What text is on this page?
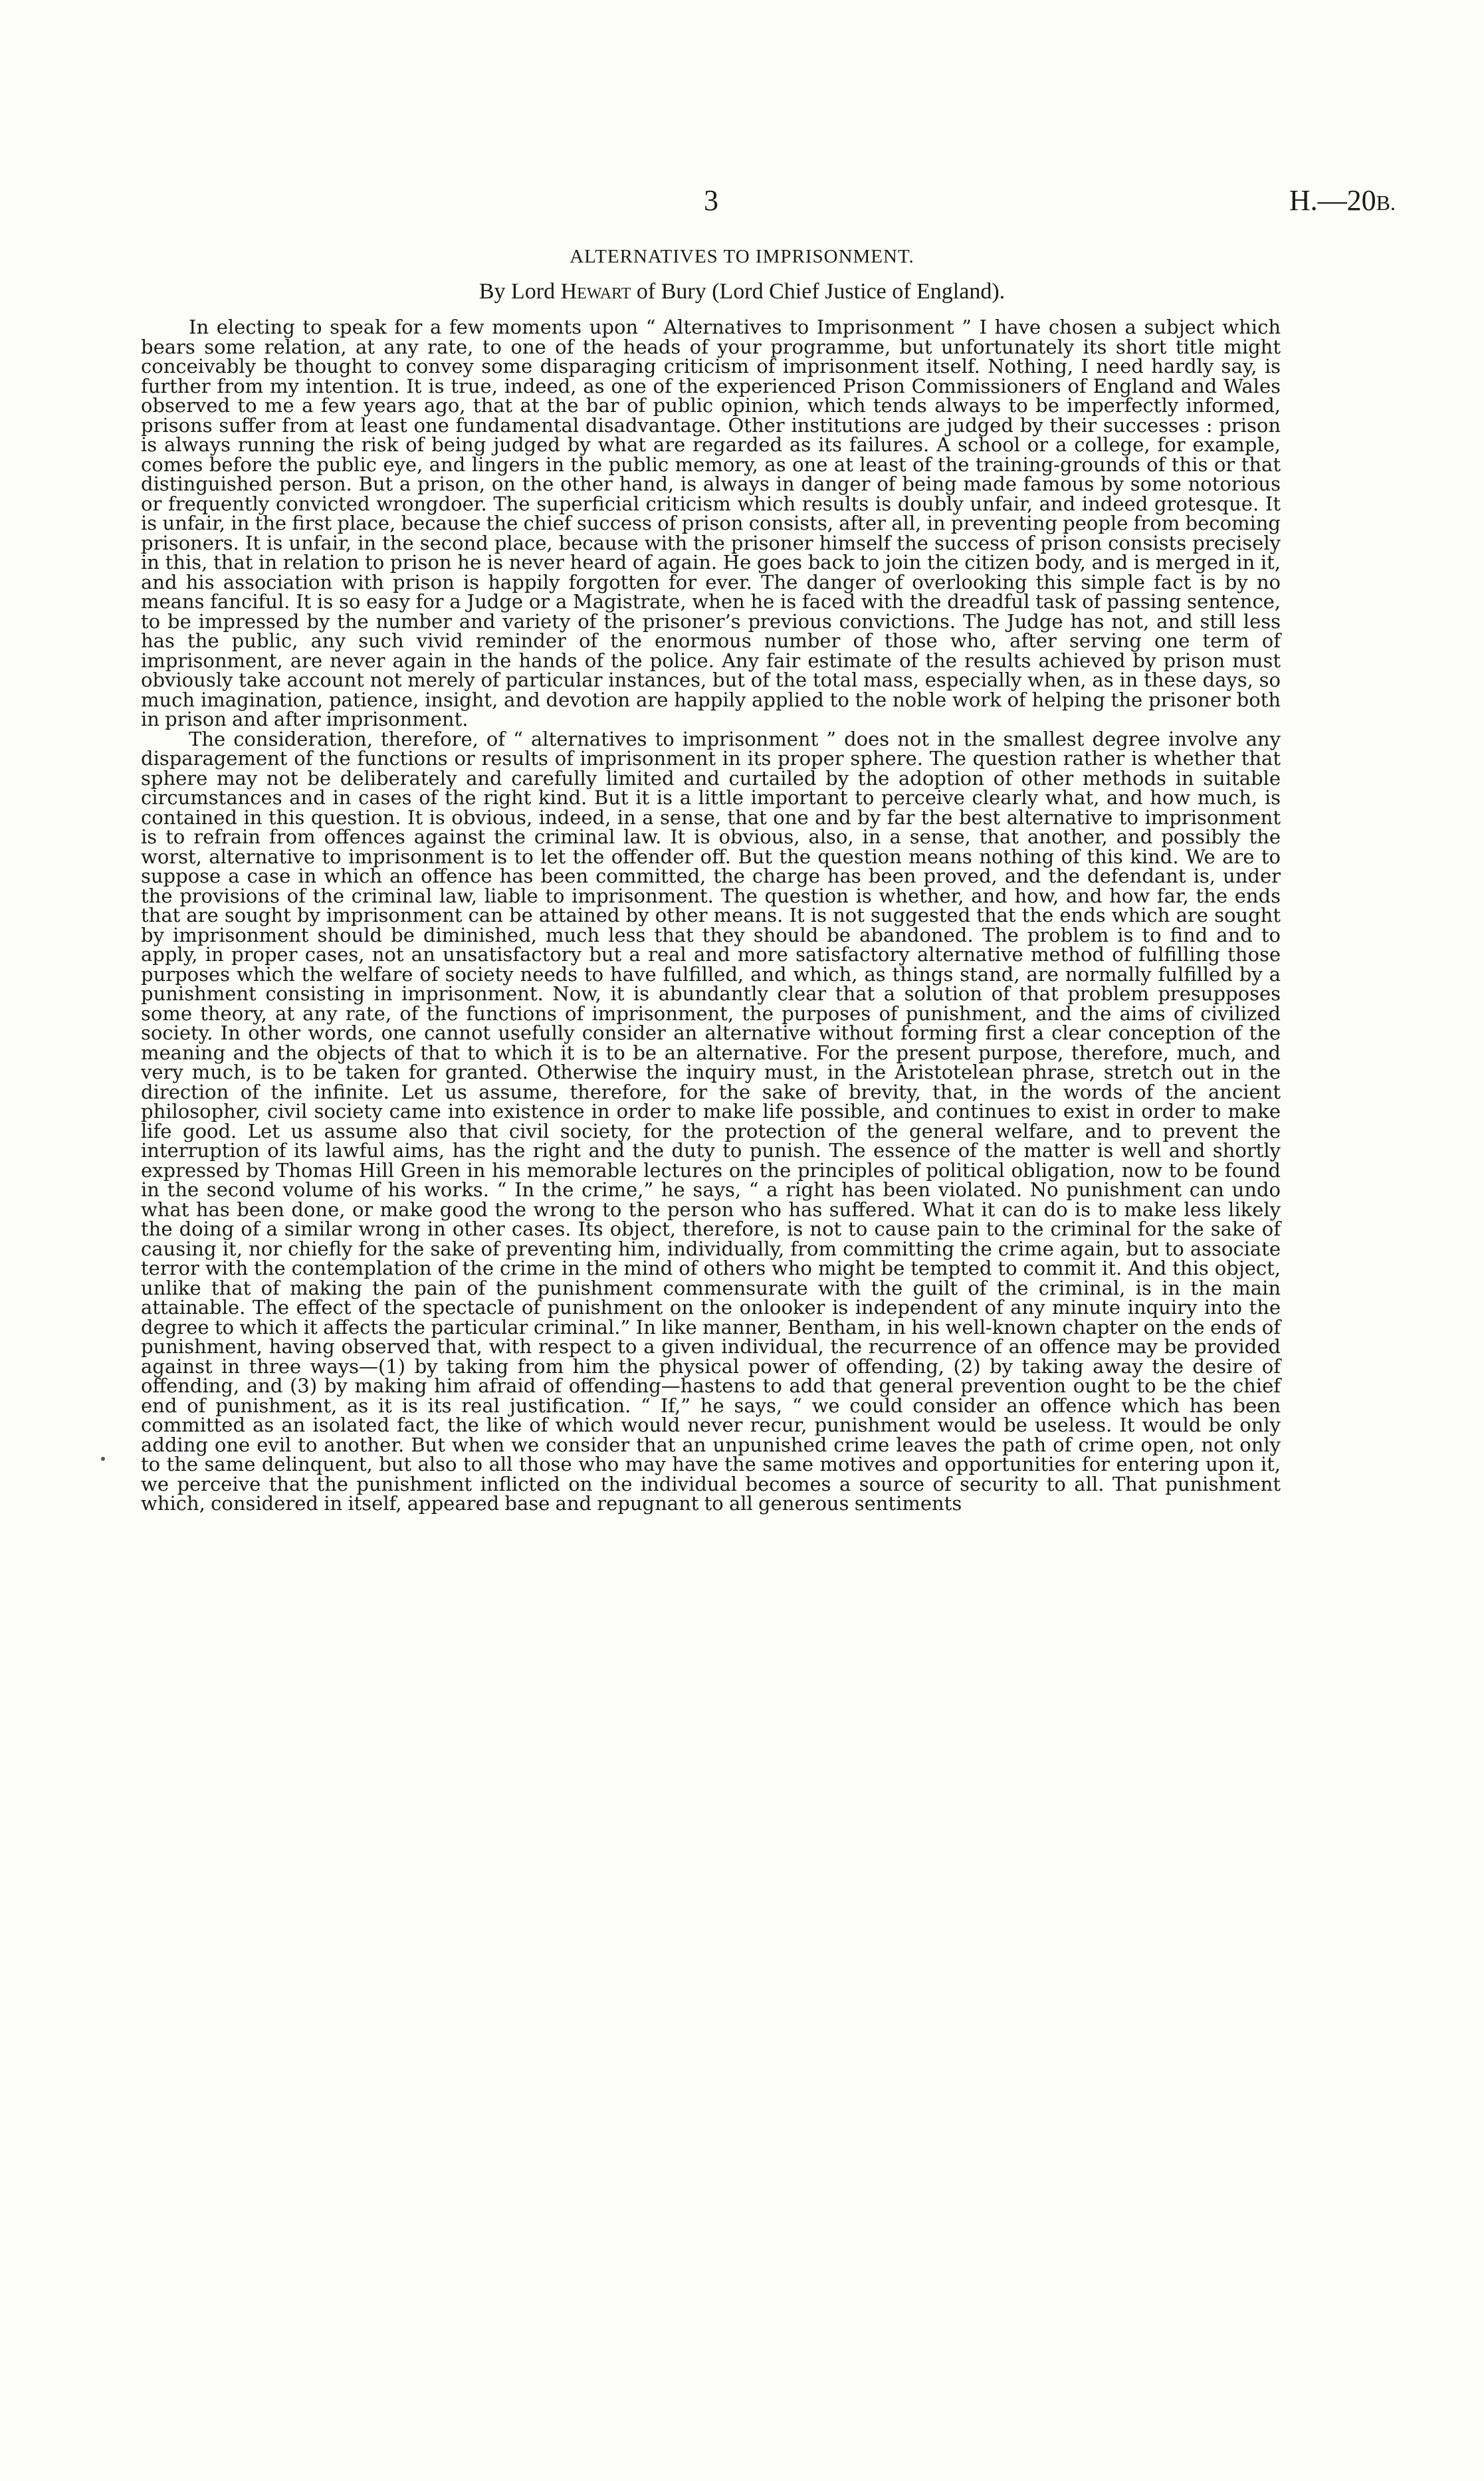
3	H.—20B.
ALTERNATIVES TO IMPRISONMENT.
By Lord Hewart of Bury (Lord Chief Justice of England).

In electing to speak for a few moments upon “ Alternatives to Imprisonment ” I have chosen a subject which bears some relation, at any rate, to one of the heads of your programme, but unfortunately its short title might conceivably be thought to convey some disparaging criticism of imprisonment itself. Nothing, I need hardly say, is further from my intention. It is true, indeed, as one of the experienced Prison Commissioners of England and Wales observed to me a few years ago, that at the bar of public opinion, which tends always to be imperfectly informed, prisons suffer from at least one fundamental disadvantage. Other institutions are judged by their successes : prison is always running the risk of being judged by what are regarded as its failures. A school or a college, for example, comes before the public eye, and lingers in the public memory, as one at least of the training-grounds of this or that distinguished person. But a prison, on the other hand, is always in danger of being made famous by some notorious or frequently convicted wrongdoer. The superficial criticism which results is doubly unfair, and indeed grotesque. It is unfair, in the first place, because the chief success of prison consists, after all, in preventing people from becoming prisoners. It is unfair, in the second place, because with the prisoner himself the success of prison consists precisely in this, that in relation to prison he is never heard of again. He goes back to join the citizen body, and is merged in it, and his association with prison is happily forgotten for ever. The danger of overlooking this simple fact is by no means fanciful. It is so easy for a Judge or a Magistrate, when he is faced with the dreadful task of passing sentence, to be impressed by the number and variety of the prisoner’s previous convictions. The Judge has not, and still less has the public, any such vivid reminder of the enormous number of those who, after serving one term of imprisonment, are never again in the hands of the police. Any fair estimate of the results achieved by prison must obviously take account not merely of particular instances, but of the total mass, especially when, as in these days, so much imagination, patience, insight, and devotion are happily applied to the noble work of helping the prisoner both in prison and after imprisonment.

The consideration, therefore, of “ alternatives to imprisonment ” does not in the smallest degree involve any disparagement of the functions or results of imprisonment in its proper sphere. The question rather is whether that sphere may not be deliberately and carefully limited and curtailed by the adoption of other methods in suitable circumstances and in cases of the right kind. But it is a little important to perceive clearly what, and how much, is contained in this question. It is obvious, indeed, in a sense, that one and by far the best alternative to imprisonment is to refrain from offences against the criminal law. It is obvious, also, in a sense, that another, and possibly the worst, alternative to imprisonment is to let the offender off. But the question means nothing of this kind. We are to suppose a case in which an offence has been committed, the charge has been proved, and the defendant is, under the provisions of the criminal law, liable to imprisonment. The question is whether, and how, and how far, the ends that are sought by imprisonment can be attained by other means. It is not suggested that the ends which are sought by imprisonment should be diminished, much less that they should be abandoned. The problem is to find and to apply, in proper cases, not an unsatisfactory but a real and more satisfactory alternative method of fulfilling those purposes which the welfare of society needs to have fulfilled, and which, as things stand, are normally fulfilled by a punishment consisting in imprisonment. Now, it is abundantly clear that a solution of that problem presupposes some theory, at any rate, of the functions of imprisonment, the purposes of punishment, and the aims of civilized society. In other words, one cannot usefully consider an alternative without forming first a clear conception of the meaning and the objects of that to which it is to be an alternative. For the present purpose, therefore, much, and very much, is to be taken for granted. Otherwise the inquiry must, in the Aristotelean phrase, stretch out in the direction of the infinite. Let us assume, therefore, for the sake of brevity, that, in the words of the ancient philosopher, civil society came into existence in order to make life possible, and continues to exist in order to make life good. Let us assume also that civil society, for the protection of the general welfare, and to prevent the interruption of its lawful aims, has the right and the duty to punish. The essence of the matter is well and shortly expressed by Thomas Hill Green in his memorable lectures on the principles of political obligation, now to be found in the second volume of his works. “ In the crime,” he says, “ a right has been violated. No punishment can undo what has been done, or make good the wrong to the person who has suffered. What it can do is to make less likely the doing of a similar wrong in other cases. Its object, therefore, is not to cause pain to the criminal for the sake of causing it, nor chiefly for the sake of preventing him, individually, from committing the crime again, but to associate terror with the contemplation of the crime in the mind of others who might be tempted to commit it. And this object, unlike that of making the pain of the punishment commensurate with the guilt of the criminal, is in the main attainable. The effect of the spectacle of punishment on the onlooker is independent of any minute inquiry into the degree to which it affects the particular criminal.” In like manner, Bentham, in his well-known chapter on the ends of punishment, having observed that, with respect to a given individual, the recurrence of an offence may be provided against in three ways—(1) by taking from him the physical power of offending, (2) by taking away the desire of offending, and (3) by making him afraid of offending—hastens to add that general prevention ought to be the chief end of punishment, as it is its real justification. “ If,” he says, “ we could consider an offence which has been committed as an isolated fact, the like of which would never recur, punishment would be useless. It would be only adding one evil to another. But when we consider that an unpunished crime leaves the path of crime open, not only to the same delinquent, but also to all those who may have the same motives and opportunities for entering upon it, we perceive that the punishment inflicted on the individual becomes a source of security to all. That punishment which, considered in itself, appeared base and repugnant to all generous sentiments
